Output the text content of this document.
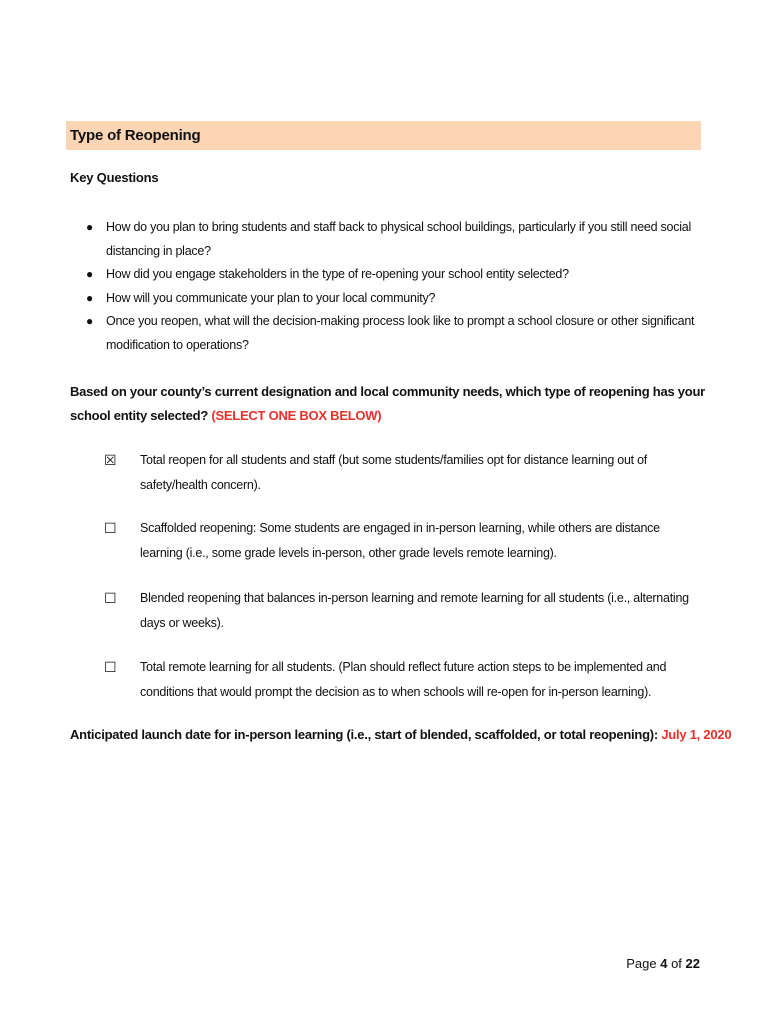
Type of Reopening
Key Questions
● How do you plan to bring students and staff back to physical school buildings, particularly if you still need social distancing in place?
● How did you engage stakeholders in the type of re-opening your school entity selected?
● How will you communicate your plan to your local community?
● Once you reopen, what will the decision-making process look like to prompt a school closure or other significant modification to operations?
Based on your county’s current designation and local community needs, which type of reopening has your school entity selected? (SELECT ONE BOX BELOW)
☒ Total reopen for all students and staff (but some students/families opt for distance learning out of safety/health concern).
☐ Scaffolded reopening: Some students are engaged in in-person learning, while others are distance learning (i.e., some grade levels in-person, other grade levels remote learning).
☐ Blended reopening that balances in-person learning and remote learning for all students (i.e., alternating days or weeks).
☐ Total remote learning for all students. (Plan should reflect future action steps to be implemented and conditions that would prompt the decision as to when schools will re-open for in-person learning).
Anticipated launch date for in-person learning (i.e., start of blended, scaffolded, or total reopening): July 1, 2020
Page 4 of 22
